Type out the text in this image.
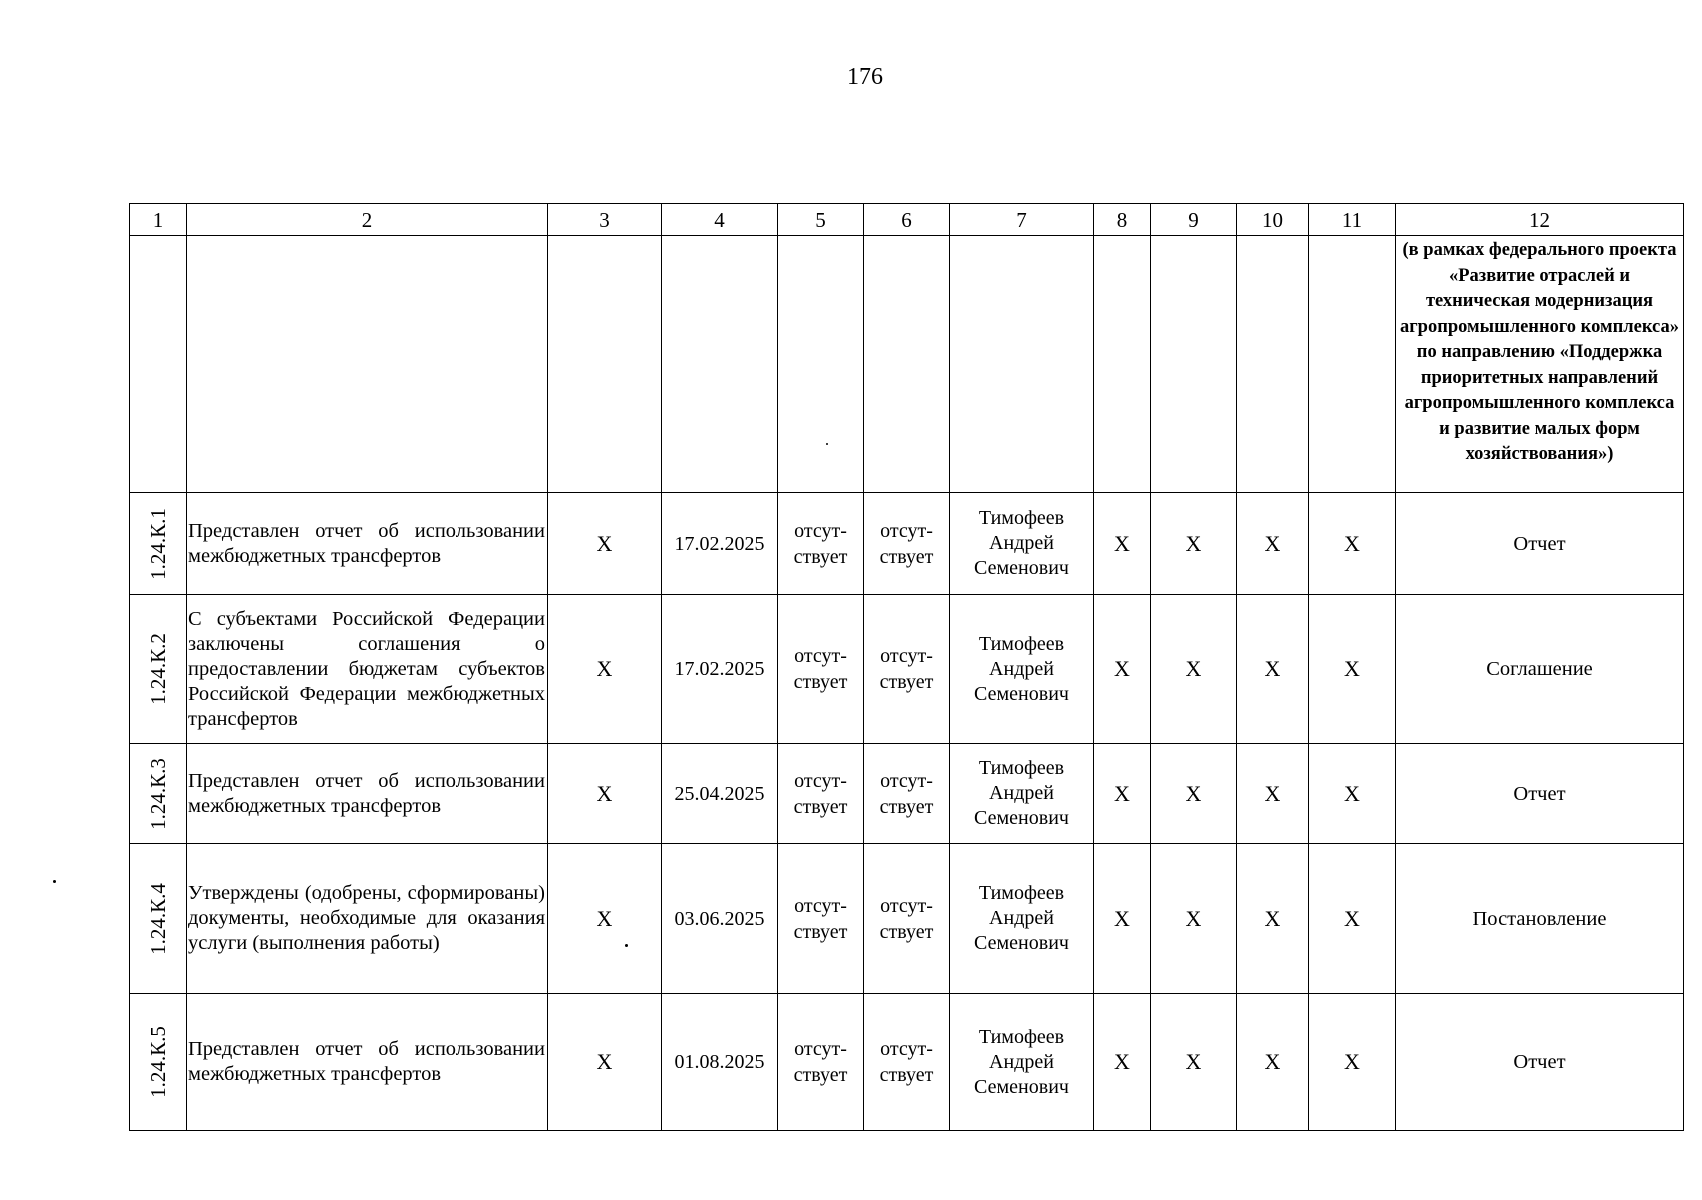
176
1	2	3	4	5	6	7	8	9	10	11	12
											(в рамках федерального проекта «Развитие отраслей и техническая модернизация агропромышленного комплекса» по направлению «Поддержка приоритетных направлений агропромышленного комплекса и развитие малых форм хозяйствования»)

1.24.К.1	Представлен отчет об использовании межбюджетных трансфертов	X	17.02.2025	отсут-ствует	отсут-ствует	Тимофеев Андрей Семенович	X	X	X	X	Отчет

1.24.К.2	С субъектами Российской Федерации заключены соглашения о предоставлении бюджетам субъектов Российской Федерации межбюджетных трансфертов	X	17.02.2025	отсут-ствует	отсут-ствует	Тимофеев Андрей Семенович	X	X	X	X	Соглашение

1.24.К.3	Представлен отчет об использовании межбюджетных трансфертов	X	25.04.2025	отсут-ствует	отсут-ствует	Тимофеев Андрей Семенович	X	X	X	X	Отчет

1.24.К.4	Утверждены (одобрены, сформированы) документы, необходимые для оказания услуги (выполнения работы)	X	03.06.2025	отсут-ствует	отсут-ствует	Тимофеев Андрей Семенович	X	X	X	X	Постановление

1.24.К.5	Представлен отчет об использовании межбюджетных трансфертов	X	01.08.2025	отсут-ствует	отсут-ствует	Тимофеев Андрей Семенович	X	X	X	X	Отчет
